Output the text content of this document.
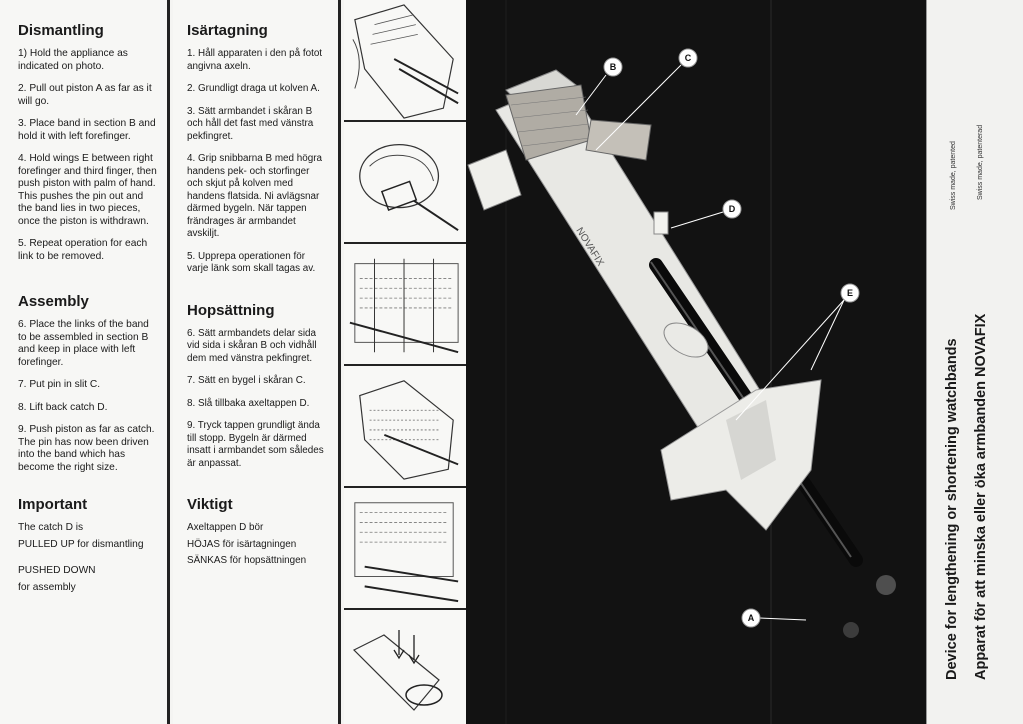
Dismantling

1) Hold the appliance as indicated on photo.

2. Pull out piston A as far as it will go.

3. Place band in section B and hold it with left forefinger.

4. Hold wings E between right forefinger and third finger, then push piston with palm of hand. This pushes the pin out and the band lies in two pieces, once the piston is withdrawn.

5. Repeat operation for each link to be removed.

Assembly

6. Place the links of the band to be assembled in section B and keep in place with left forefinger.

7. Put pin in slit C.

8. Lift back catch D.

9. Push piston as far as catch. The pin has now been driven into the band which has become the right size.

Important

The catch D is

PULLED UP for dismantling

PUSHED DOWN

for assembly

Isärtagning

1. Håll apparaten i den på fotot angivna axeln.

2. Grundligt draga ut kolven A.

3. Sätt armbandet i skåran B och håll det fast med vänstra pekfingret.

4. Grip snibbarna B med högra handens pek- och storfinger och skjut på kolven med handens flatsida. Ni avlägsnar därmed bygeln. När tappen frändrages är armbandet avskiljt.

5. Upprepa operationen för varje länk som skall tagas av.

Hopsättning

6. Sätt armbandets delar sida vid sida i skåran B och vidhåll dem med vänstra pekfingret.

7. Sätt en bygel i skåran C.

8. Slå tillbaka axeltappen D.

9. Tryck tappen grundligt ända till stopp. Bygeln är därmed insatt i armbandet som således är anpassat.

Viktigt

Axeltappen D bör

HÖJAS för isärtagningen

SÄNKAS för hopsättningen

NOVAFIX
B
C
D
E
A	Device for lengthening or shortening watchbands Apparat för att minska eller öka armbanden NOVAFIX
Swiss made, patented	Swiss made, patenterad
